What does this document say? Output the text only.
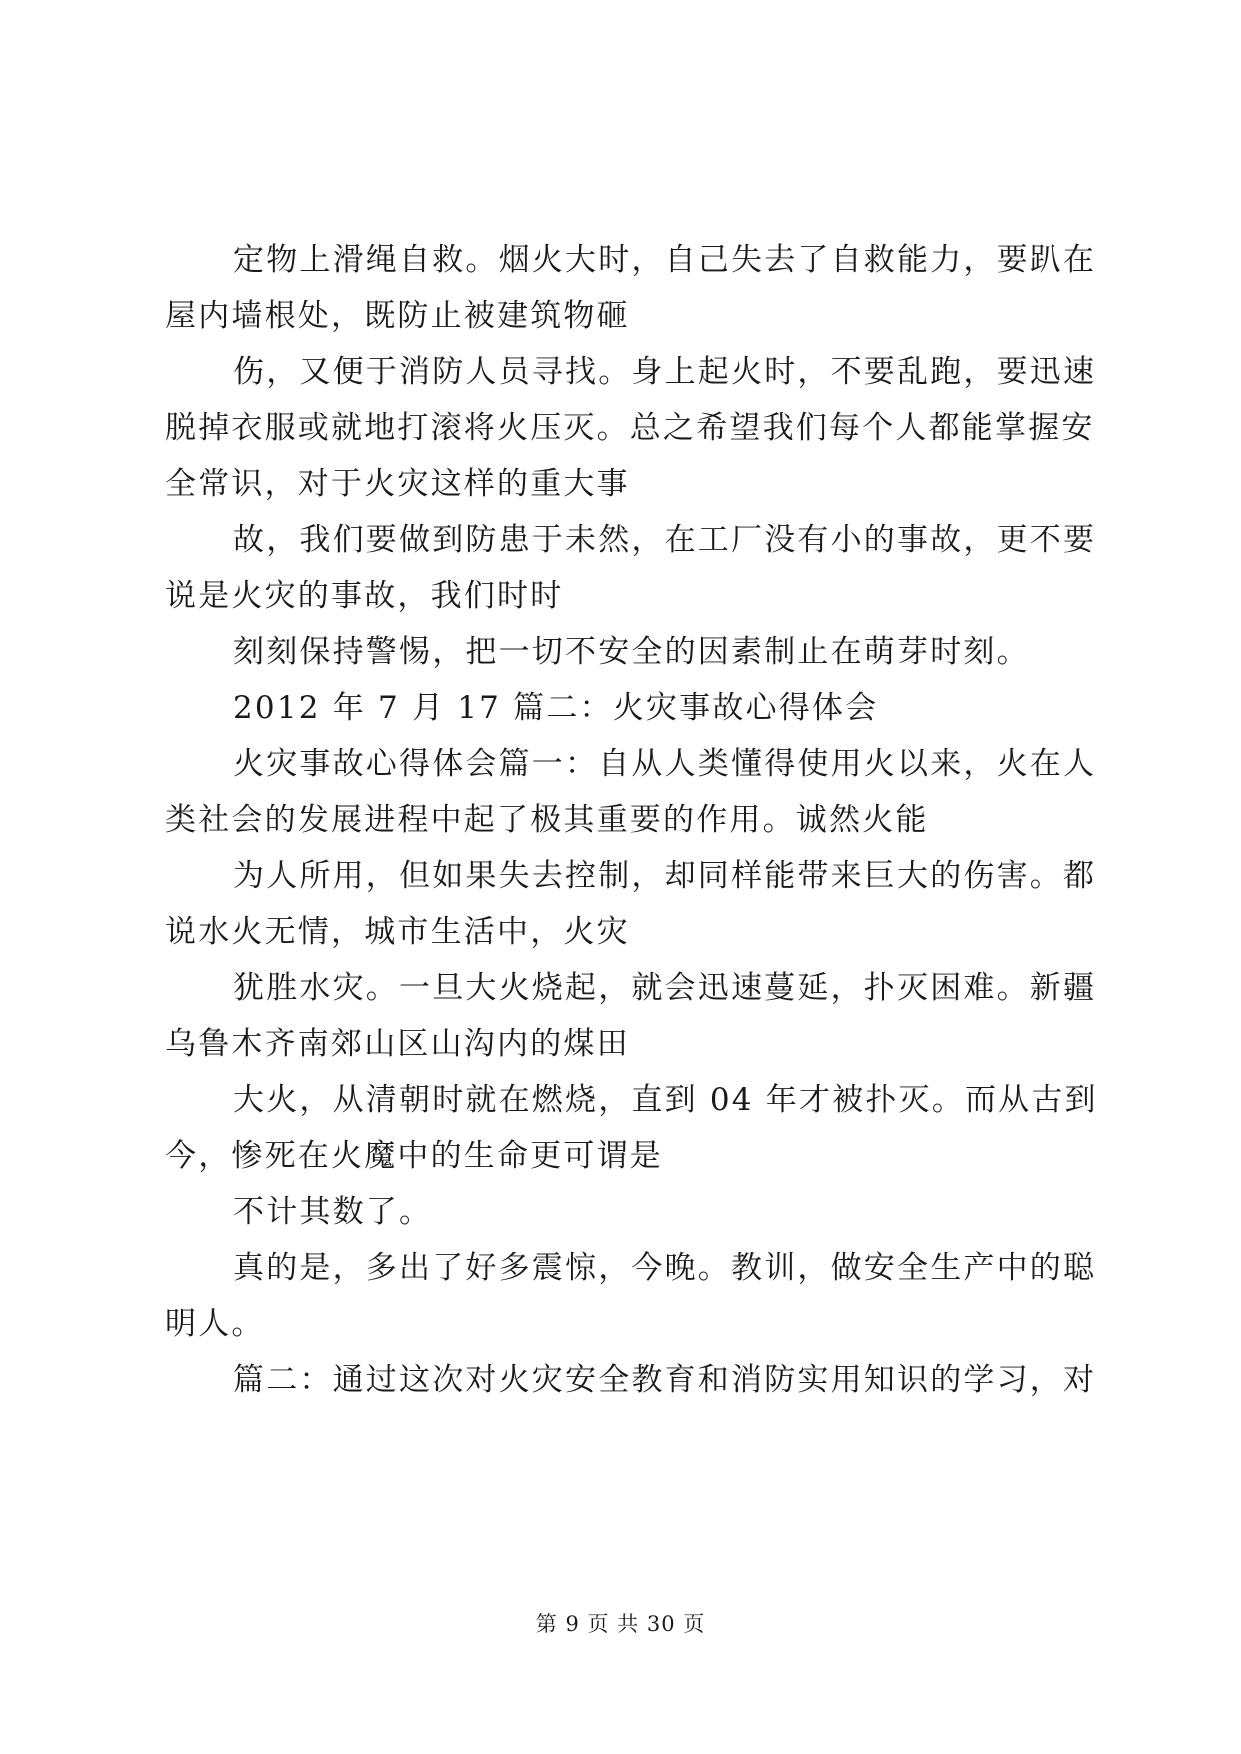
定物上滑绳自救。烟火大时，自己失去了自救能力，要趴在

屋内墙根处，既防止被建筑物砸

伤，又便于消防人员寻找。身上起火时，不要乱跑，要迅速

脱掉衣服或就地打滚将火压灭。总之希望我们每个人都能掌握安

全常识，对于火灾这样的重大事

故，我们要做到防患于未然，在工厂没有小的事故，更不要

说是火灾的事故，我们时时

刻刻保持警惕，把一切不安全的因素制止在萌芽时刻。

2012 年 7 月 17 篇二：火灾事故心得体会

火灾事故心得体会篇一：自从人类懂得使用火以来，火在人

类社会的发展进程中起了极其重要的作用。诚然火能

为人所用，但如果失去控制，却同样能带来巨大的伤害。都

说水火无情，城市生活中，火灾

犹胜水灾。一旦大火烧起，就会迅速蔓延，扑灭困难。新疆

乌鲁木齐南郊山区山沟内的煤田

大火，从清朝时就在燃烧，直到 04 年才被扑灭。而从古到

今，惨死在火魔中的生命更可谓是

不计其数了。

真的是，多出了好多震惊，今晚。教训，做安全生产中的聪

明人。

篇二：通过这次对火灾安全教育和消防实用知识的学习，对

第 9 页 共 30 页
